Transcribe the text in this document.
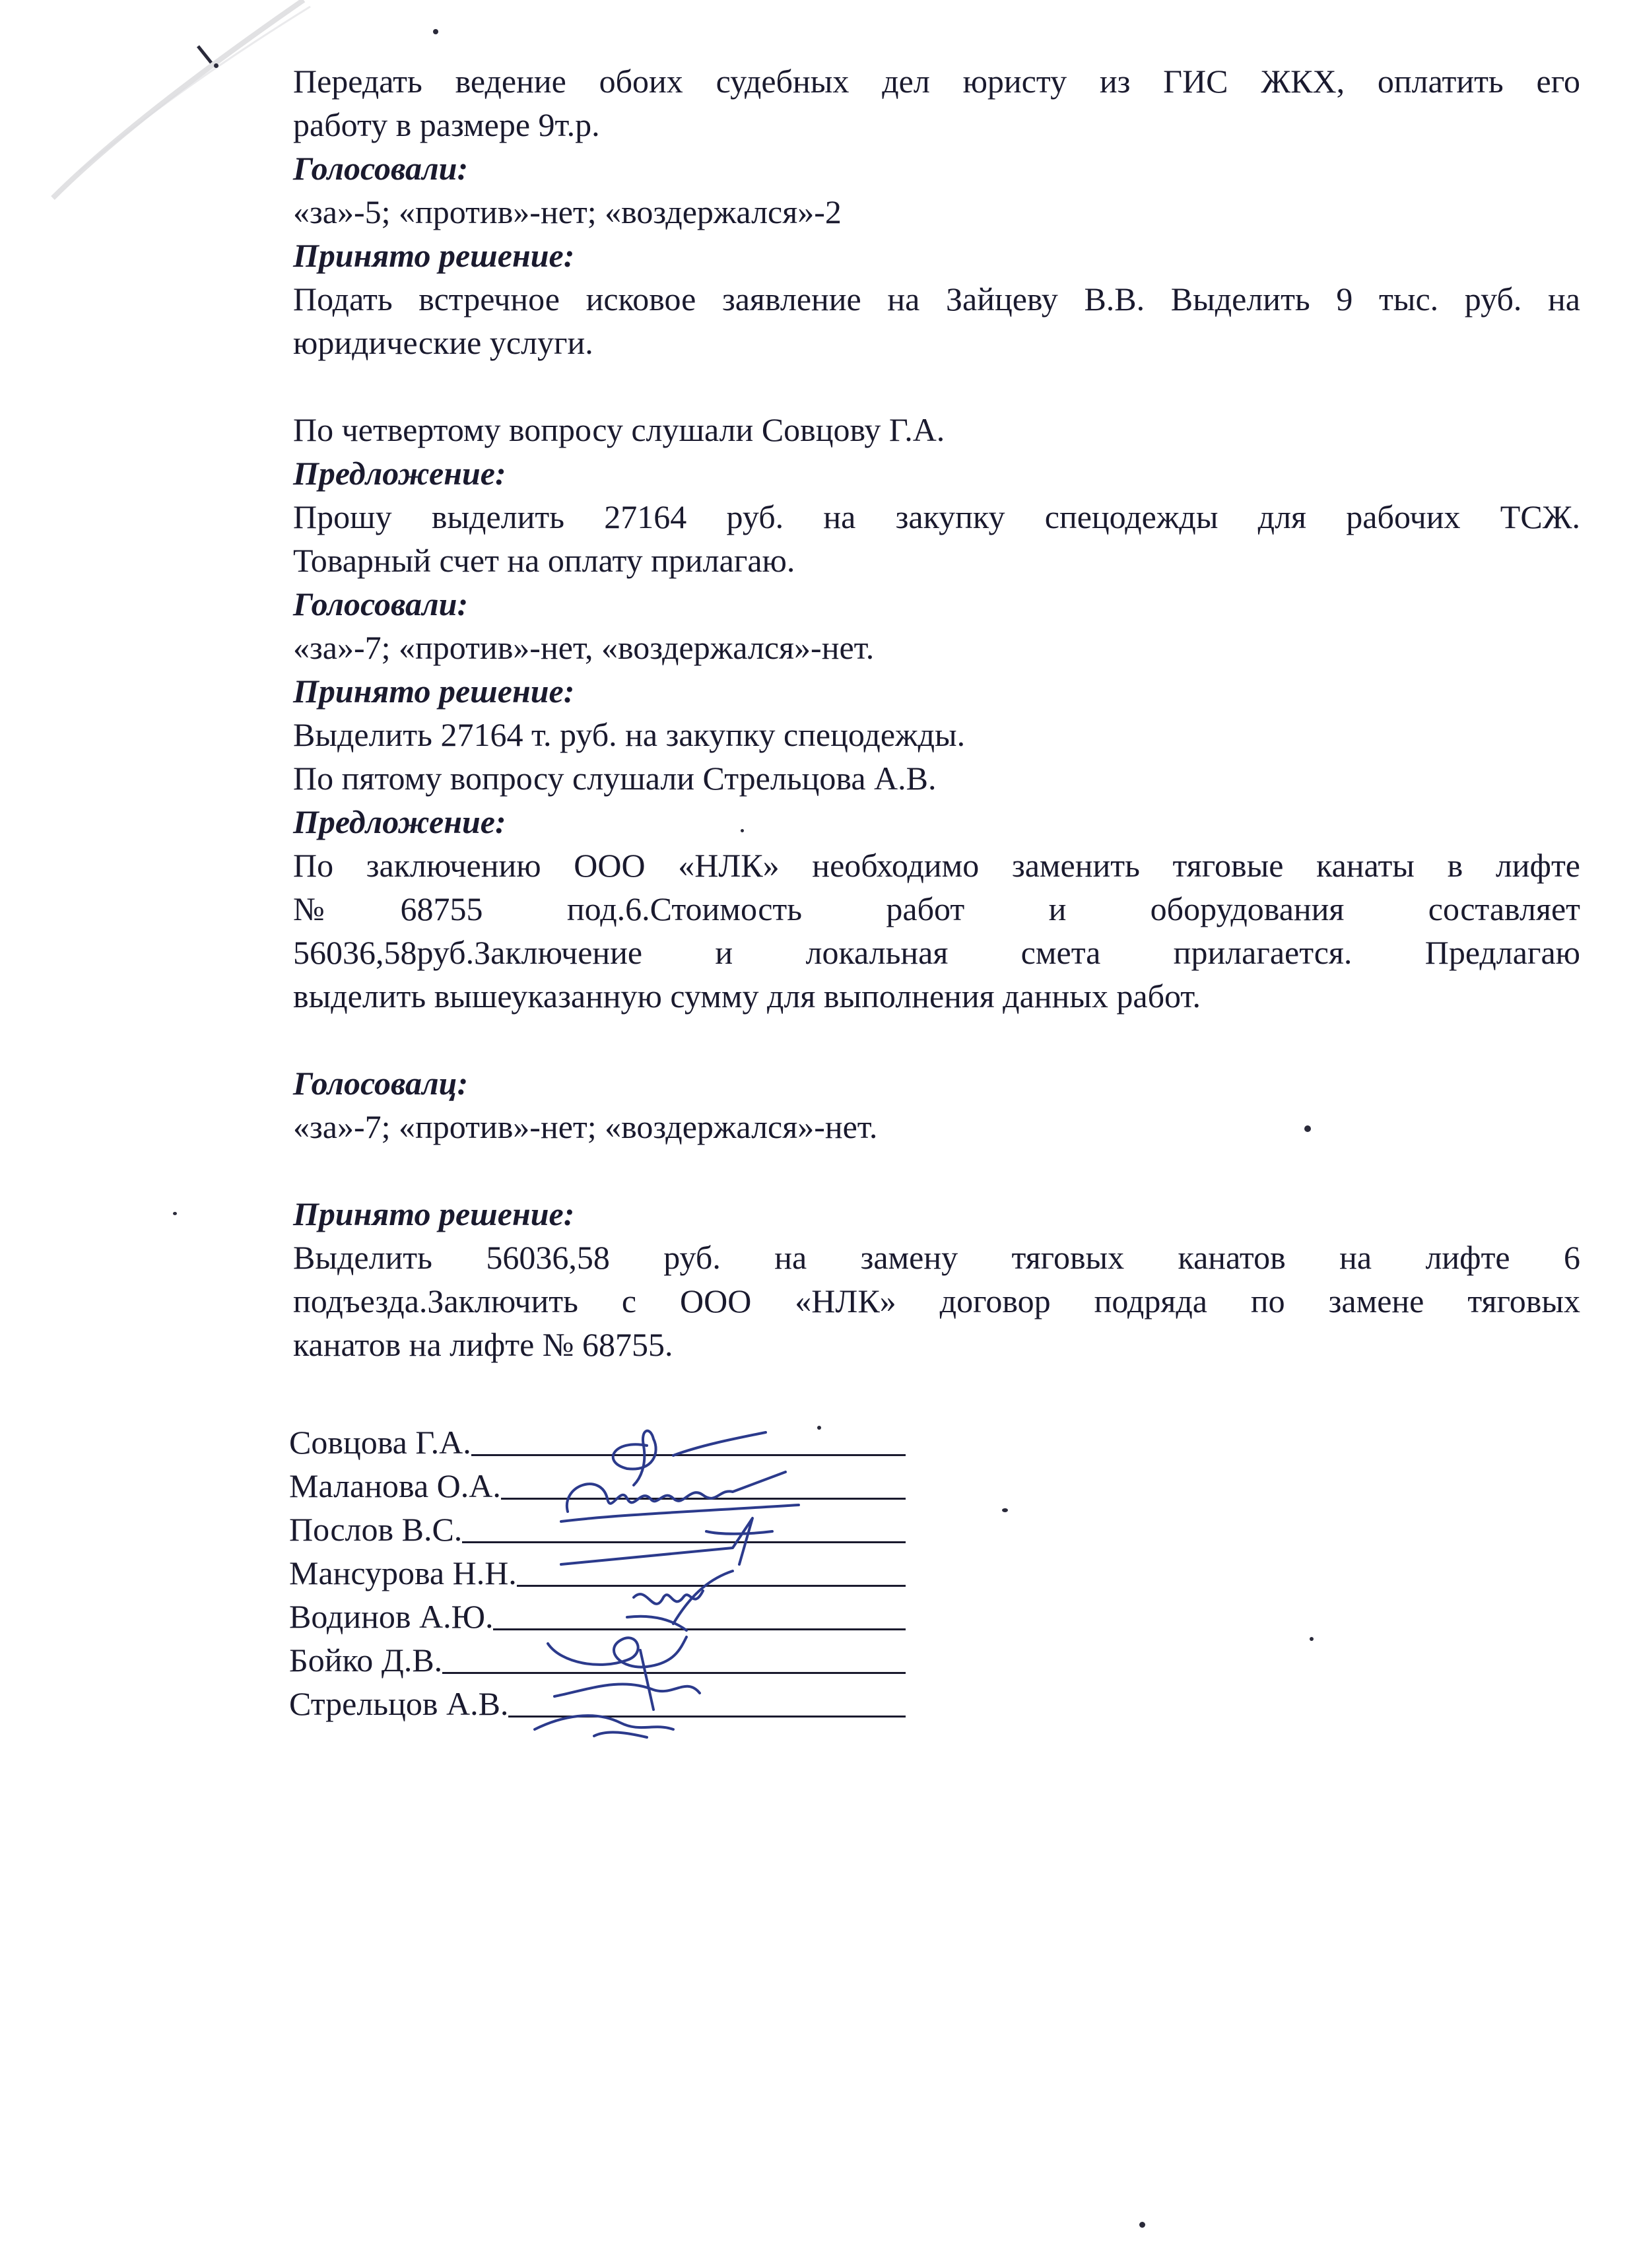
Передать ведение обоих судебных дел юристу из ГИС ЖКХ, оплатить его
работу в размере 9т.р.
Голосовали:
«за»-5; «против»-нет; «воздержался»-2
Принято решение:
Подать встречное исковое заявление на Зайцеву В.В. Выделить 9 тыс. руб. на
юридические услуги.
По четвертому вопросу слушали Совцову Г.А.
Предложение:
Прошу выделить 27164 руб. на закупку спецодежды для рабочих ТСЖ.
Товарный счет на оплату прилагаю.
Голосовали:
«за»-7; «против»-нет, «воздержался»-нет.
Принято решение:
Выделить 27164 т. руб. на закупку спецодежды.
По пятому вопросу слушали Стрельцова А.В.
Предложение:
По заключению ООО «НЛК» необходимо заменить тяговые канаты в лифте
№68755 под.6.Стоимость работ и оборудования составляет
56036,58руб.Заключение и локальная смета прилагается. Предлагаю
выделить вышеуказанную сумму для выполнения данных работ.
Голосовалц:
«за»-7; «против»-нет; «воздержался»-нет.
Принято решение:
Выделить 56036,58 руб. на замену тяговых канатов на лифте 6
подъезда.Заключить с ООО «НЛК» договор подряда по замене тяговых
канатов на лифте № 68755.
Совцова Г.А.
Маланова О.А.
Послов В.С.
Мансурова Н.Н.
Водинов А.Ю.
Бойко Д.В.
Стрельцов А.В.
